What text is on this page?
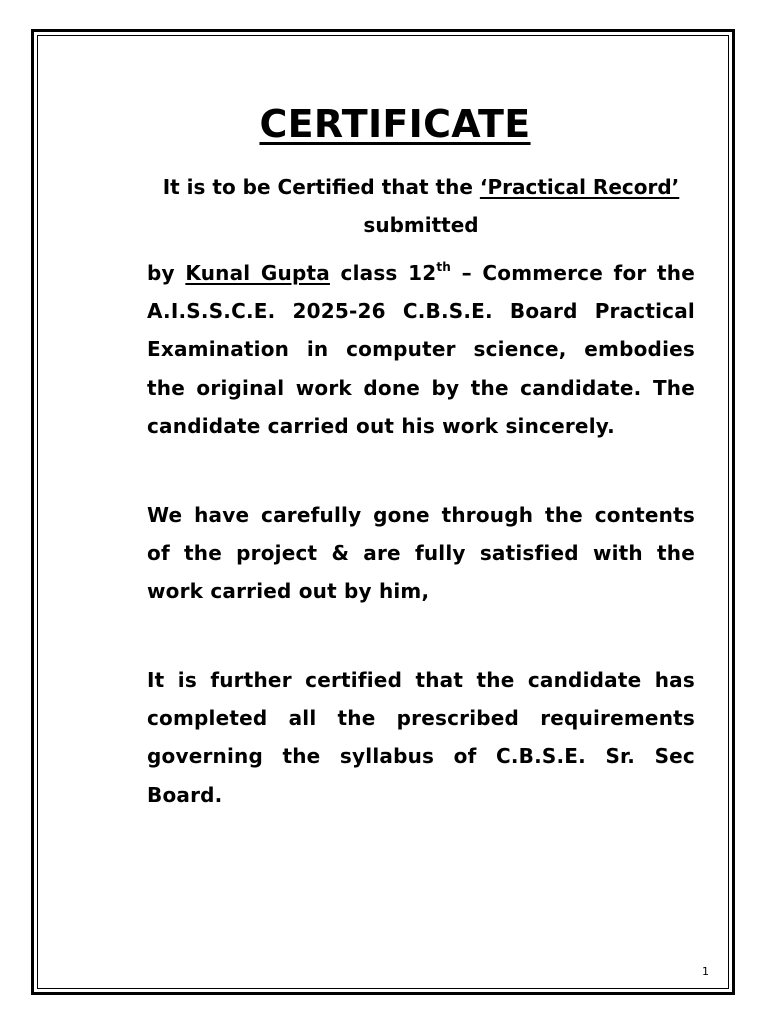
CERTIFICATE

It is to be Certified that the ‘Practical Record’ submitted

by Kunal Gupta class 12th – Commerce for the A.I.S.S.C.E. 2025-26 C.B.S.E. Board Practical Examination in computer science, embodies the original work done by the candidate. The candidate carried out his work sincerely.

We have carefully gone through the contents of the project & are fully satisfied with the work carried out by him,

It is further certified that the candidate has completed all the prescribed requirements governing the syllabus of C.B.S.E. Sr. Sec Board.

1
